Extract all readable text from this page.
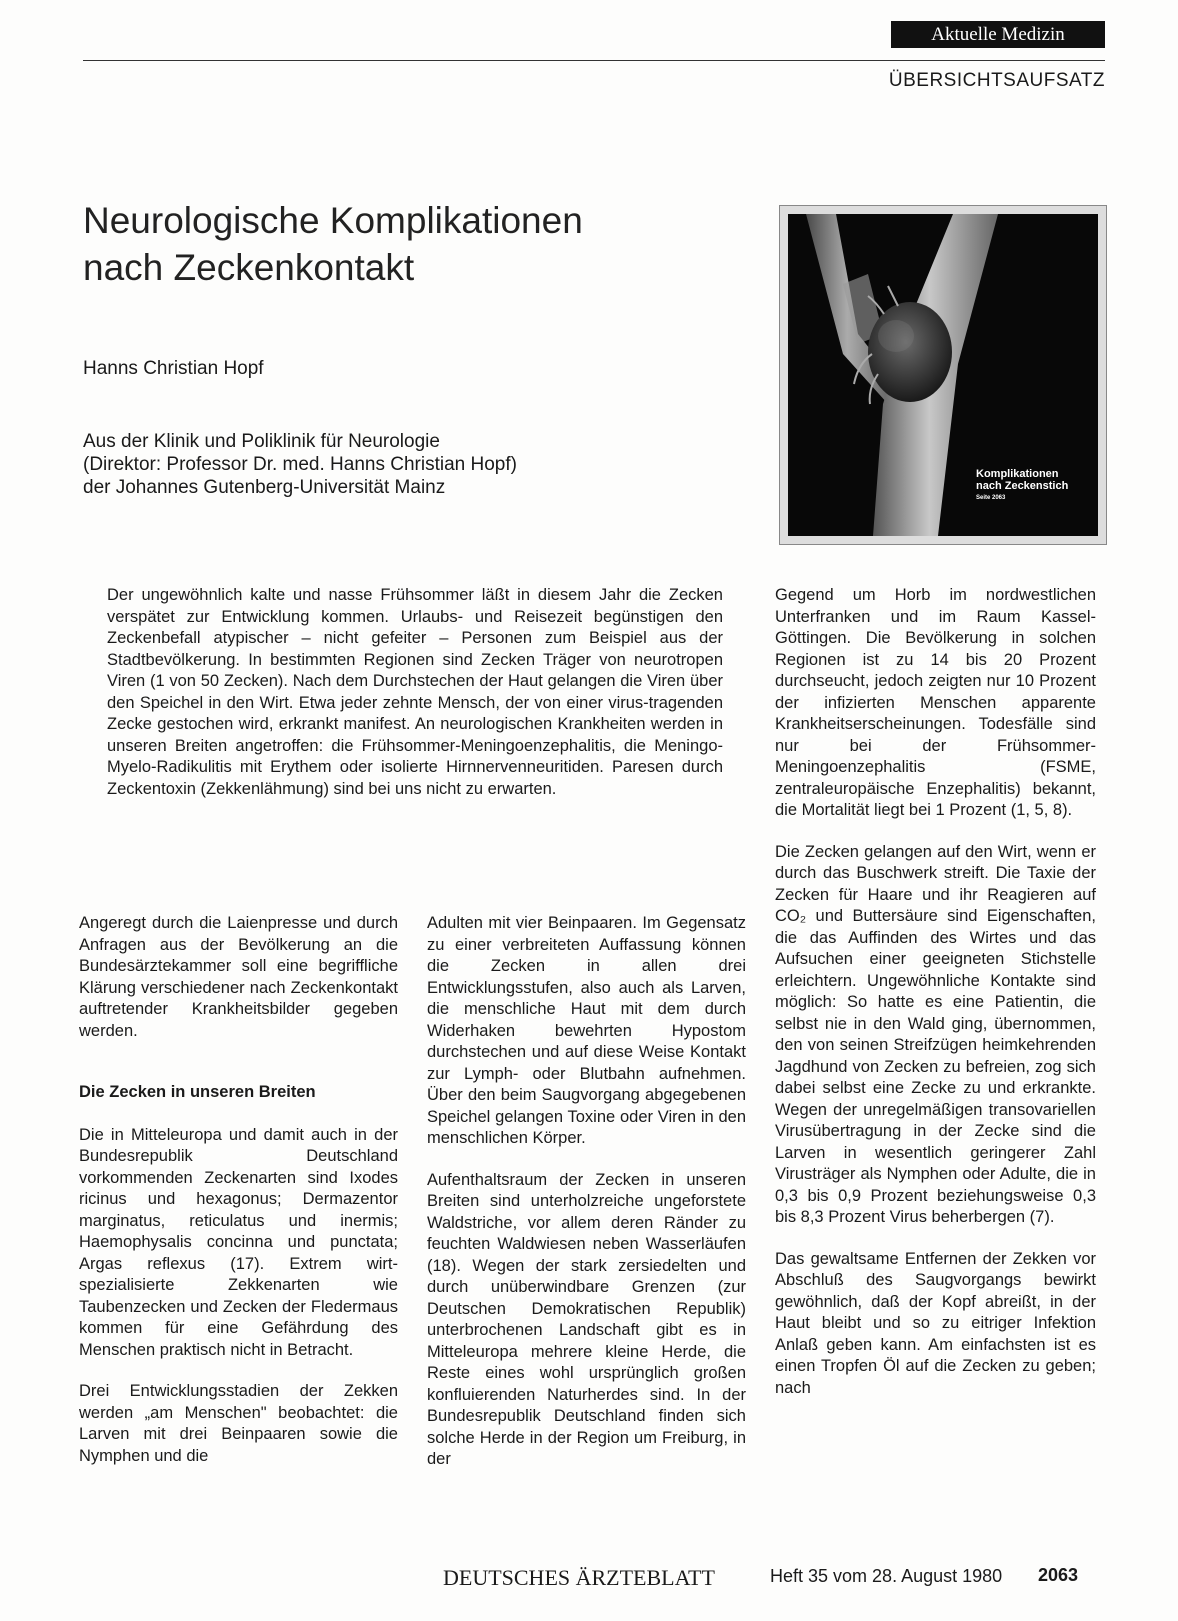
Aktuelle Medizin
ÜBERSICHTSAUFSATZ
Neurologische Komplikationen
nach Zeckenkontakt
Hanns Christian Hopf
Aus der Klinik und Poliklinik für Neurologie
(Direktor: Professor Dr. med. Hanns Christian Hopf)
der Johannes Gutenberg-Universität Mainz
Komplikationen
nach Zeckenstich
Seite 2063

Der ungewöhnlich kalte und nasse Frühsommer läßt in diesem Jahr die Zecken verspätet zur Entwicklung kommen. Urlaubs- und Reisezeit begünstigen den Zeckenbefall atypischer – nicht gefeiter – Personen zum Beispiel aus der Stadtbevölkerung. In bestimmten Regionen sind Zecken Träger von neurotropen Viren (1 von 50 Zecken). Nach dem Durchstechen der Haut gelangen die Viren über den Speichel in den Wirt. Etwa jeder zehnte Mensch, der von einer virus-tragenden Zecke gestochen wird, erkrankt manifest. An neurologischen Krankheiten werden in unseren Breiten angetroffen: die Frühsommer-Meningoenzephalitis, die Meningo-Myelo-Radikulitis mit Erythem oder isolierte Hirnnervenneuritiden. Paresen durch Zeckentoxin (Zekkenlähmung) sind bei uns nicht zu erwarten.

Angeregt durch die Laienpresse und durch Anfragen aus der Bevölkerung an die Bundesärztekammer soll eine begriffliche Klärung verschiedener nach Zeckenkontakt auftretender Krankheitsbilder gegeben werden.

Die Zecken in unseren Breiten

Die in Mitteleuropa und damit auch in der Bundesrepublik Deutschland vorkommenden Zeckenarten sind Ixodes ricinus und hexagonus; Dermazentor marginatus, reticulatus und inermis; Haemophysalis concinna und punctata; Argas reflexus (17). Extrem wirt-spezialisierte Zekkenarten wie Taubenzecken und Zecken der Fledermaus kommen für eine Gefährdung des Menschen praktisch nicht in Betracht.

Drei Entwicklungsstadien der Zekken werden „am Menschen" beobachtet: die Larven mit drei Beinpaaren sowie die Nymphen und die

Adulten mit vier Beinpaaren. Im Gegensatz zu einer verbreiteten Auffassung können die Zecken in allen drei Entwicklungsstufen, also auch als Larven, die menschliche Haut mit dem durch Widerhaken bewehrten Hypostom durchstechen und auf diese Weise Kontakt zur Lymph- oder Blutbahn aufnehmen. Über den beim Saugvorgang abgegebenen Speichel gelangen Toxine oder Viren in den menschlichen Körper.

Aufenthaltsraum der Zecken in unseren Breiten sind unterholzreiche ungeforstete Waldstriche, vor allem deren Ränder zu feuchten Waldwiesen neben Wasserläufen (18). Wegen der stark zersiedelten und durch unüberwindbare Grenzen (zur Deutschen Demokratischen Republik) unterbrochenen Landschaft gibt es in Mitteleuropa mehrere kleine Herde, die Reste eines wohl ursprünglich großen konfluierenden Naturherdes sind. In der Bundesrepublik Deutschland finden sich solche Herde in der Region um Freiburg, in der

Gegend um Horb im nordwestlichen Unterfranken und im Raum Kassel-Göttingen. Die Bevölkerung in solchen Regionen ist zu 14 bis 20 Prozent durchseucht, jedoch zeigten nur 10 Prozent der infizierten Menschen apparente Krankheitserscheinungen. Todesfälle sind nur bei der Frühsommer-Meningoenzephalitis (FSME, zentraleuropäische Enzephalitis) bekannt, die Mortalität liegt bei 1 Prozent (1, 5, 8).

Die Zecken gelangen auf den Wirt, wenn er durch das Buschwerk streift. Die Taxie der Zecken für Haare und ihr Reagieren auf CO₂ und Buttersäure sind Eigenschaften, die das Auffinden des Wirtes und das Aufsuchen einer geeigneten Stichstelle erleichtern. Ungewöhnliche Kontakte sind möglich: So hatte es eine Patientin, die selbst nie in den Wald ging, übernommen, den von seinen Streifzügen heimkehrenden Jagdhund von Zecken zu befreien, zog sich dabei selbst eine Zecke zu und erkrankte. Wegen der unregelmäßigen transovariellen Virusübertragung in der Zecke sind die Larven in wesentlich geringerer Zahl Virusträger als Nymphen oder Adulte, die in 0,3 bis 0,9 Prozent beziehungsweise 0,3 bis 8,3 Prozent Virus beherbergen (7).

Das gewaltsame Entfernen der Zekken vor Abschluß des Saugvorgangs bewirkt gewöhnlich, daß der Kopf abreißt, in der Haut bleibt und so zu eitriger Infektion Anlaß geben kann. Am einfachsten ist es einen Tropfen Öl auf die Zecken zu geben; nach

DEUTSCHES ÄRZTEBLATT	Heft 35 vom 28. August 1980 2063
